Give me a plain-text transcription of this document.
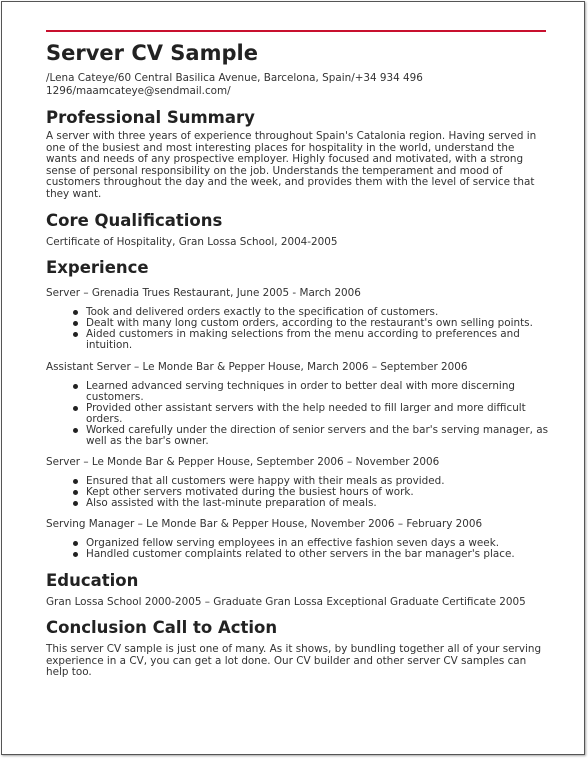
Server CV Sample
/Lena Cateye/60 Central Basilica Avenue, Barcelona, Spain/+34 934 496
1296/maamcateye@sendmail.com/
Professional Summary

A server with three years of experience throughout Spain's Catalonia region. Having served in one of the busiest and most interesting places for hospitality in the world, understand the wants and needs of any prospective employer. Highly focused and motivated, with a strong sense of personal responsibility on the job. Understands the temperament and mood of customers throughout the day and the week, and provides them with the level of service that they want.

Core Qualifications

Certificate of Hospitality, Gran Lossa School, 2004-2005

Experience
Server – Grenadia Trues Restaurant, June 2005 - March 2006
Took and delivered orders exactly to the specification of customers.
Dealt with many long custom orders, according to the restaurant's own selling points.
Aided customers in making selections from the menu according to preferences and intuition.
Assistant Server – Le Monde Bar & Pepper House, March 2006 – September 2006
Learned advanced serving techniques in order to better deal with more discerning customers.
Provided other assistant servers with the help needed to fill larger and more difficult orders.
Worked carefully under the direction of senior servers and the bar's serving manager, as well as the bar's owner.
Server – Le Monde Bar & Pepper House, September 2006 – November 2006
Ensured that all customers were happy with their meals as provided.
Kept other servers motivated during the busiest hours of work.
Also assisted with the last-minute preparation of meals.
Serving Manager – Le Monde Bar & Pepper House, November 2006 – February 2006
Organized fellow serving employees in an effective fashion seven days a week.
Handled customer complaints related to other servers in the bar manager's place.
Education

Gran Lossa School 2000-2005 – Graduate Gran Lossa Exceptional Graduate Certificate 2005

Conclusion Call to Action

This server CV sample is just one of many. As it shows, by bundling together all of your serving experience in a CV, you can get a lot done. Our CV builder and other server CV samples can help too.
